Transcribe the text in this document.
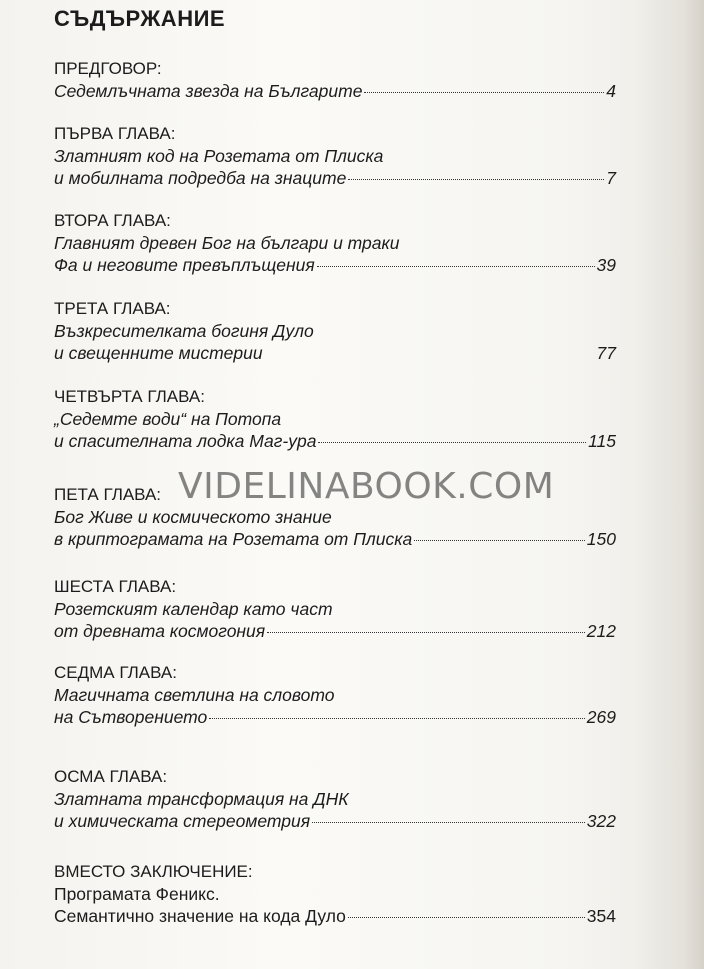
СЪДЪРЖАНИЕ
ПРЕДГОВОР:
Седемлъчната звезда на Българите	4
ПЪРВА ГЛАВА:
Златният код на Розетата от Плиска
и мобилната подредба на знаците	7
ВТОРА ГЛАВА:
Главният древен Бог на българи и траки
Фа и неговите превъплъщения	39
ТРЕТА ГЛАВА:
Възкресителката богиня Дуло
и свещенните мистерии	77
ЧЕТВЪРТА ГЛАВА:
„Седемте води“ на Потопа
и спасителната лодка Маг-ура	115
ПЕТА ГЛАВА:
Бог Живе и космическото знание
в криптограмата на Розетата от Плиска	150
ШЕСТА ГЛАВА:
Розетският календар като част
от древната космогония	212
СЕДМА ГЛАВА:
Магичната светлина на словото
на Сътворението	269
ОСМА ГЛАВА:
Златната трансформация на ДНК
и химическата стереометрия	322
ВМЕСТО ЗАКЛЮЧЕНИЕ:
Програмата Феникс.
Семантично значение на кода Дуло	354
VIDELINABOOK.COM
